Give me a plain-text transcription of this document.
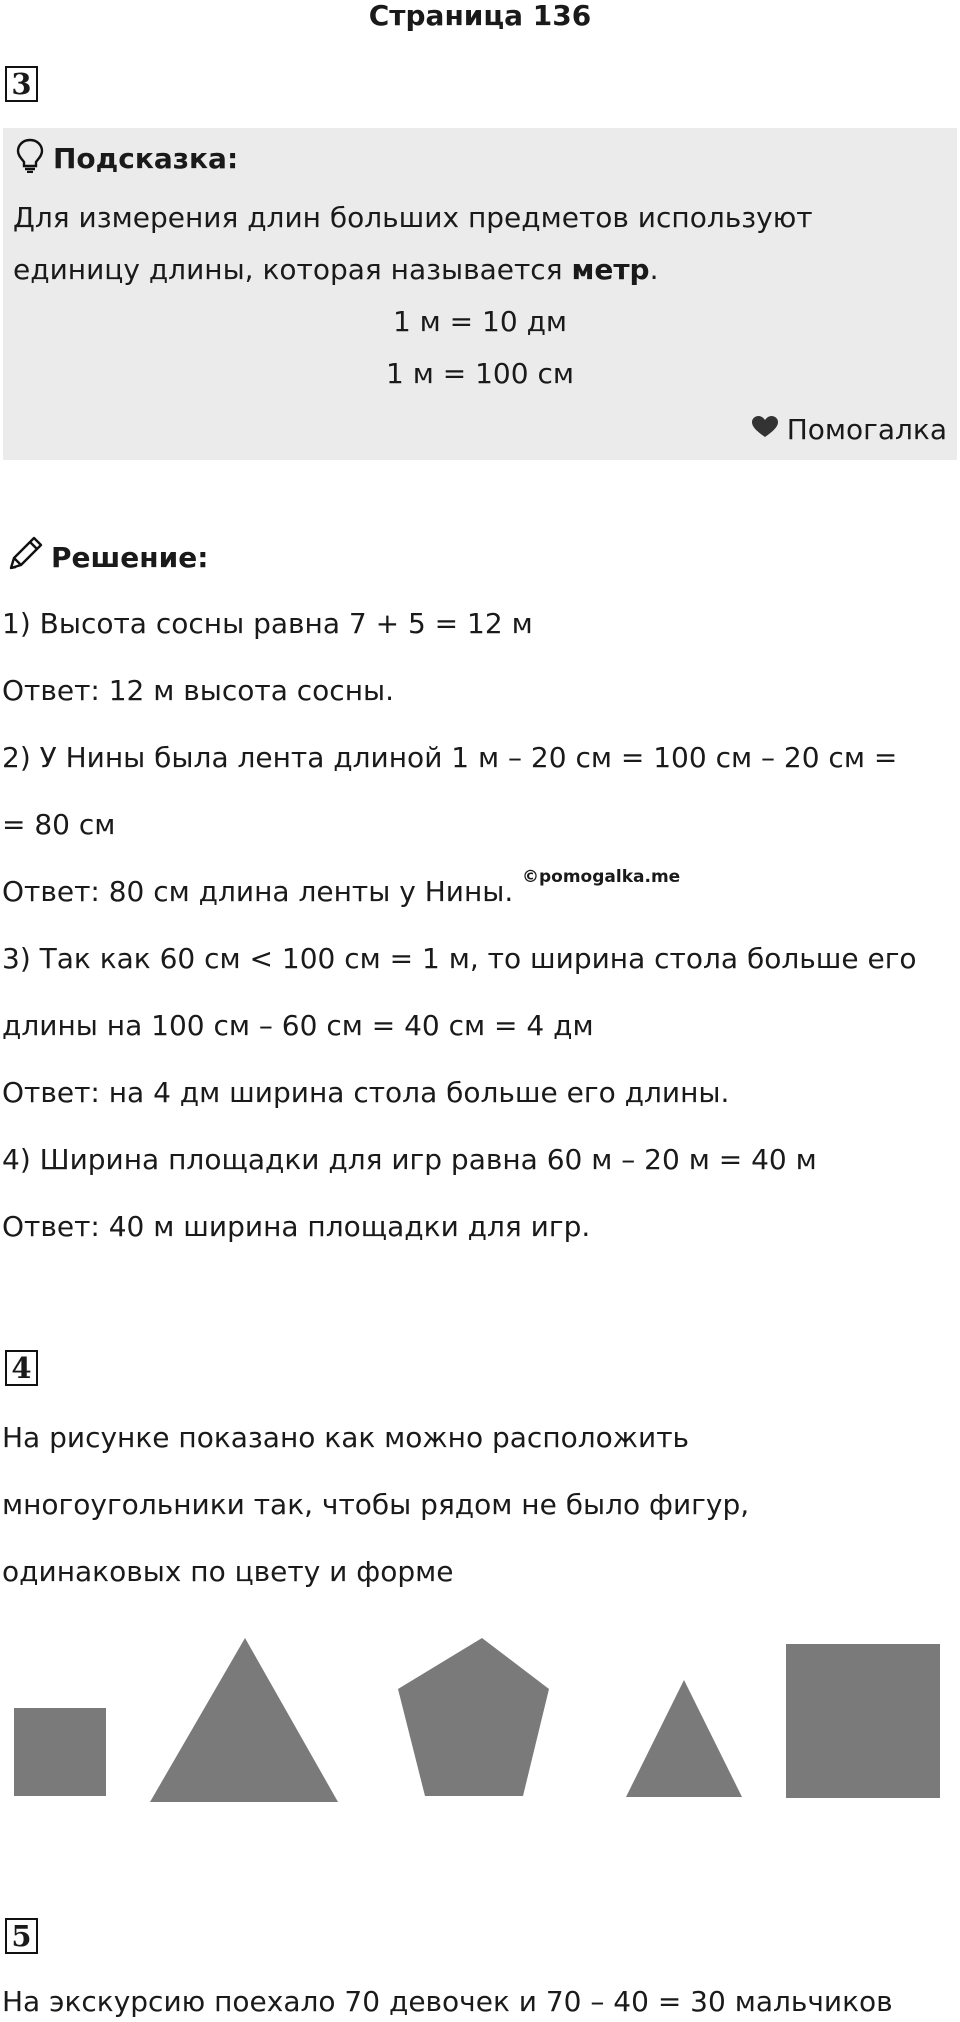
Страница 136
3
Подсказка:
Для измерения длин больших предметов используют
единицу длины, которая называется метр.
1 м = 10 дм
1 м = 100 см
Помогалка
Решение:
1) Высота сосны равна 7 + 5 = 12 м
Ответ: 12 м высота сосны.
2) У Нины была лента длиной 1 м – 20 см = 100 см – 20 см =
= 80 см
Ответ: 80 см длина ленты у Нины. ©pomogalka.me
3) Так как 60 см < 100 см = 1 м, то ширина стола больше его
длины на 100 см – 60 см = 40 см = 4 дм
Ответ: на 4 дм ширина стола больше его длины.
4) Ширина площадки для игр равна 60 м – 20 м = 40 м
Ответ: 40 м ширина площадки для игр.
4
На рисунке показано как можно расположить
многоугольники так, чтобы рядом не было фигур,
одинаковых по цвету и форме
5
На экскурсию поехало 70 девочек и 70 – 40 = 30 мальчиков
